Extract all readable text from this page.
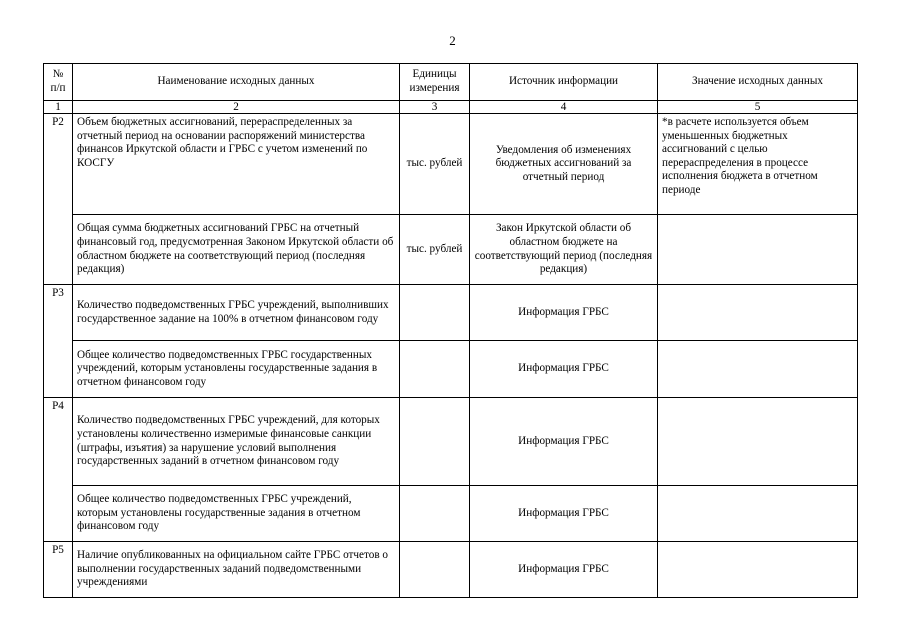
2
№ п/п	Наименование исходных данных	Единицы измерения	Источник информации	Значение исходных данных
1	2	3	4	5
Р2	Объем бюджетных ассигнований, перераспределенных за отчетный период на основании распоряжений министерства финансов Иркутской области и ГРБС с учетом изменений по КОСГУ	тыс. рублей	Уведомления об изменениях бюджетных ассигнований за отчетный период	*в расчете используется объем уменьшенных бюджетных ассигнований с целью перераспределения в процессе исполнения бюджета в отчетном периоде
	Общая сумма бюджетных ассигнований ГРБС на отчетный финансовый год, предусмотренная Законом Иркутской области об областном бюджете на соответствующий период (последняя редакция)	тыс. рублей	Закон Иркутской области об областном бюджете на соответствующий период (последняя редакция)	
Р3	Количество подведомственных ГРБС учреждений, выполнивших государственное задание на 100% в отчетном финансовом году		Информация ГРБС	
	Общее количество подведомственных ГРБС государственных учреждений, которым установлены государственные задания в отчетном финансовом году		Информация ГРБС	
Р4	Количество подведомственных ГРБС учреждений, для которых установлены количественно измеримые финансовые санкции (штрафы, изъятия) за нарушение условий выполнения государственных заданий в отчетном финансовом году		Информация ГРБС	
	Общее количество подведомственных ГРБС учреждений, которым установлены государственные задания в отчетном финансовом году		Информация ГРБС	
Р5	Наличие опубликованных на официальном сайте ГРБС отчетов о выполнении государственных заданий подведомственными учреждениями		Информация ГРБС	
